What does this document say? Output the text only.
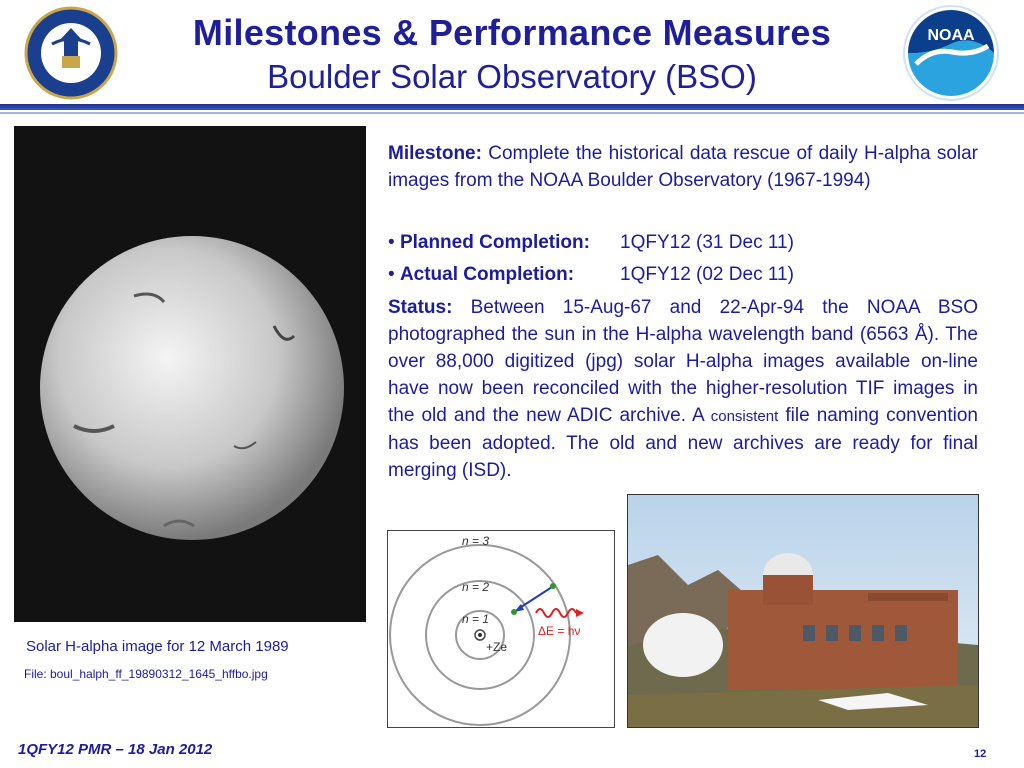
Milestones & Performance Measures
Boulder Solar Observatory (BSO)
NOAA
Solar H-alpha image for 12 March 1989
File: boul_halph_ff_19890312_1645_hffbo.jpg
Milestone: Complete the historical data rescue of daily H-alpha solar images from the NOAA Boulder Observatory (1967-1994)
• Planned Completion: 1QFY12 (31 Dec 11)
• Actual Completion: 1QFY12 (02 Dec 11)
Status: Between 15-Aug-67 and 22-Apr-94 the NOAA BSO photographed the sun in the H-alpha wavelength band (6563 Å). The over 88,000 digitized (jpg) solar H-alpha images available on-line have now been reconciled with the higher-resolution TIF images in the old and the new ADIC archive. A consistent file naming convention has been adopted. The old and new archives are ready for final merging (ISD).
+Ze
n = 3
n = 2
n = 1
ΔE = hν
1QFY12 PMR – 18 Jan 2012	12
